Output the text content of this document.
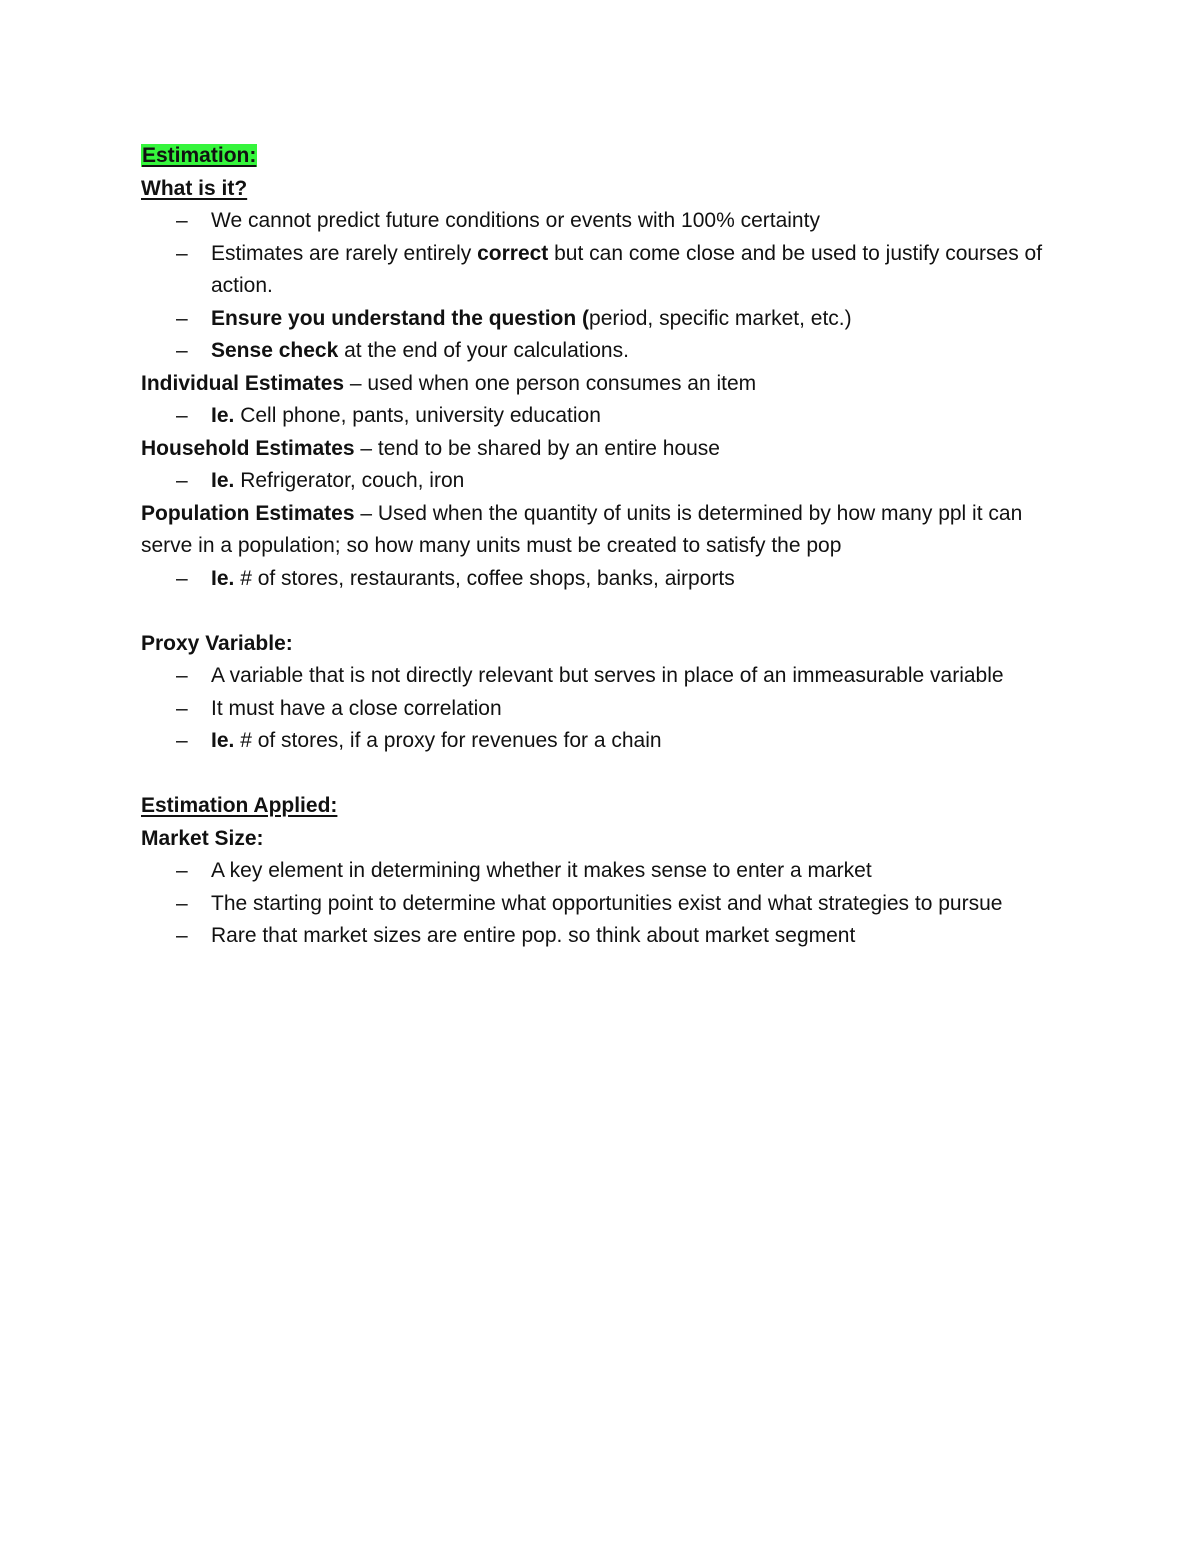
Estimation:

What is it?

– We cannot predict future conditions or events with 100% certainty

– Estimates are rarely entirely correct but can come close and be used to justify courses of action.

– Ensure you understand the question (period, specific market, etc.)

– Sense check at the end of your calculations.

Individual Estimates – used when one person consumes an item

– Ie. Cell phone, pants, university education

Household Estimates – tend to be shared by an entire house

– Ie. Refrigerator, couch, iron

Population Estimates – Used when the quantity of units is determined by how many ppl it can serve in a population; so how many units must be created to satisfy the pop

– Ie. # of stores, restaurants, coffee shops, banks, airports

Proxy Variable:

– A variable that is not directly relevant but serves in place of an immeasurable variable

– It must have a close correlation

– Ie. # of stores, if a proxy for revenues for a chain

Estimation Applied:

Market Size:

– A key element in determining whether it makes sense to enter a market

– The starting point to determine what opportunities exist and what strategies to pursue

– Rare that market sizes are entire pop. so think about market segment
